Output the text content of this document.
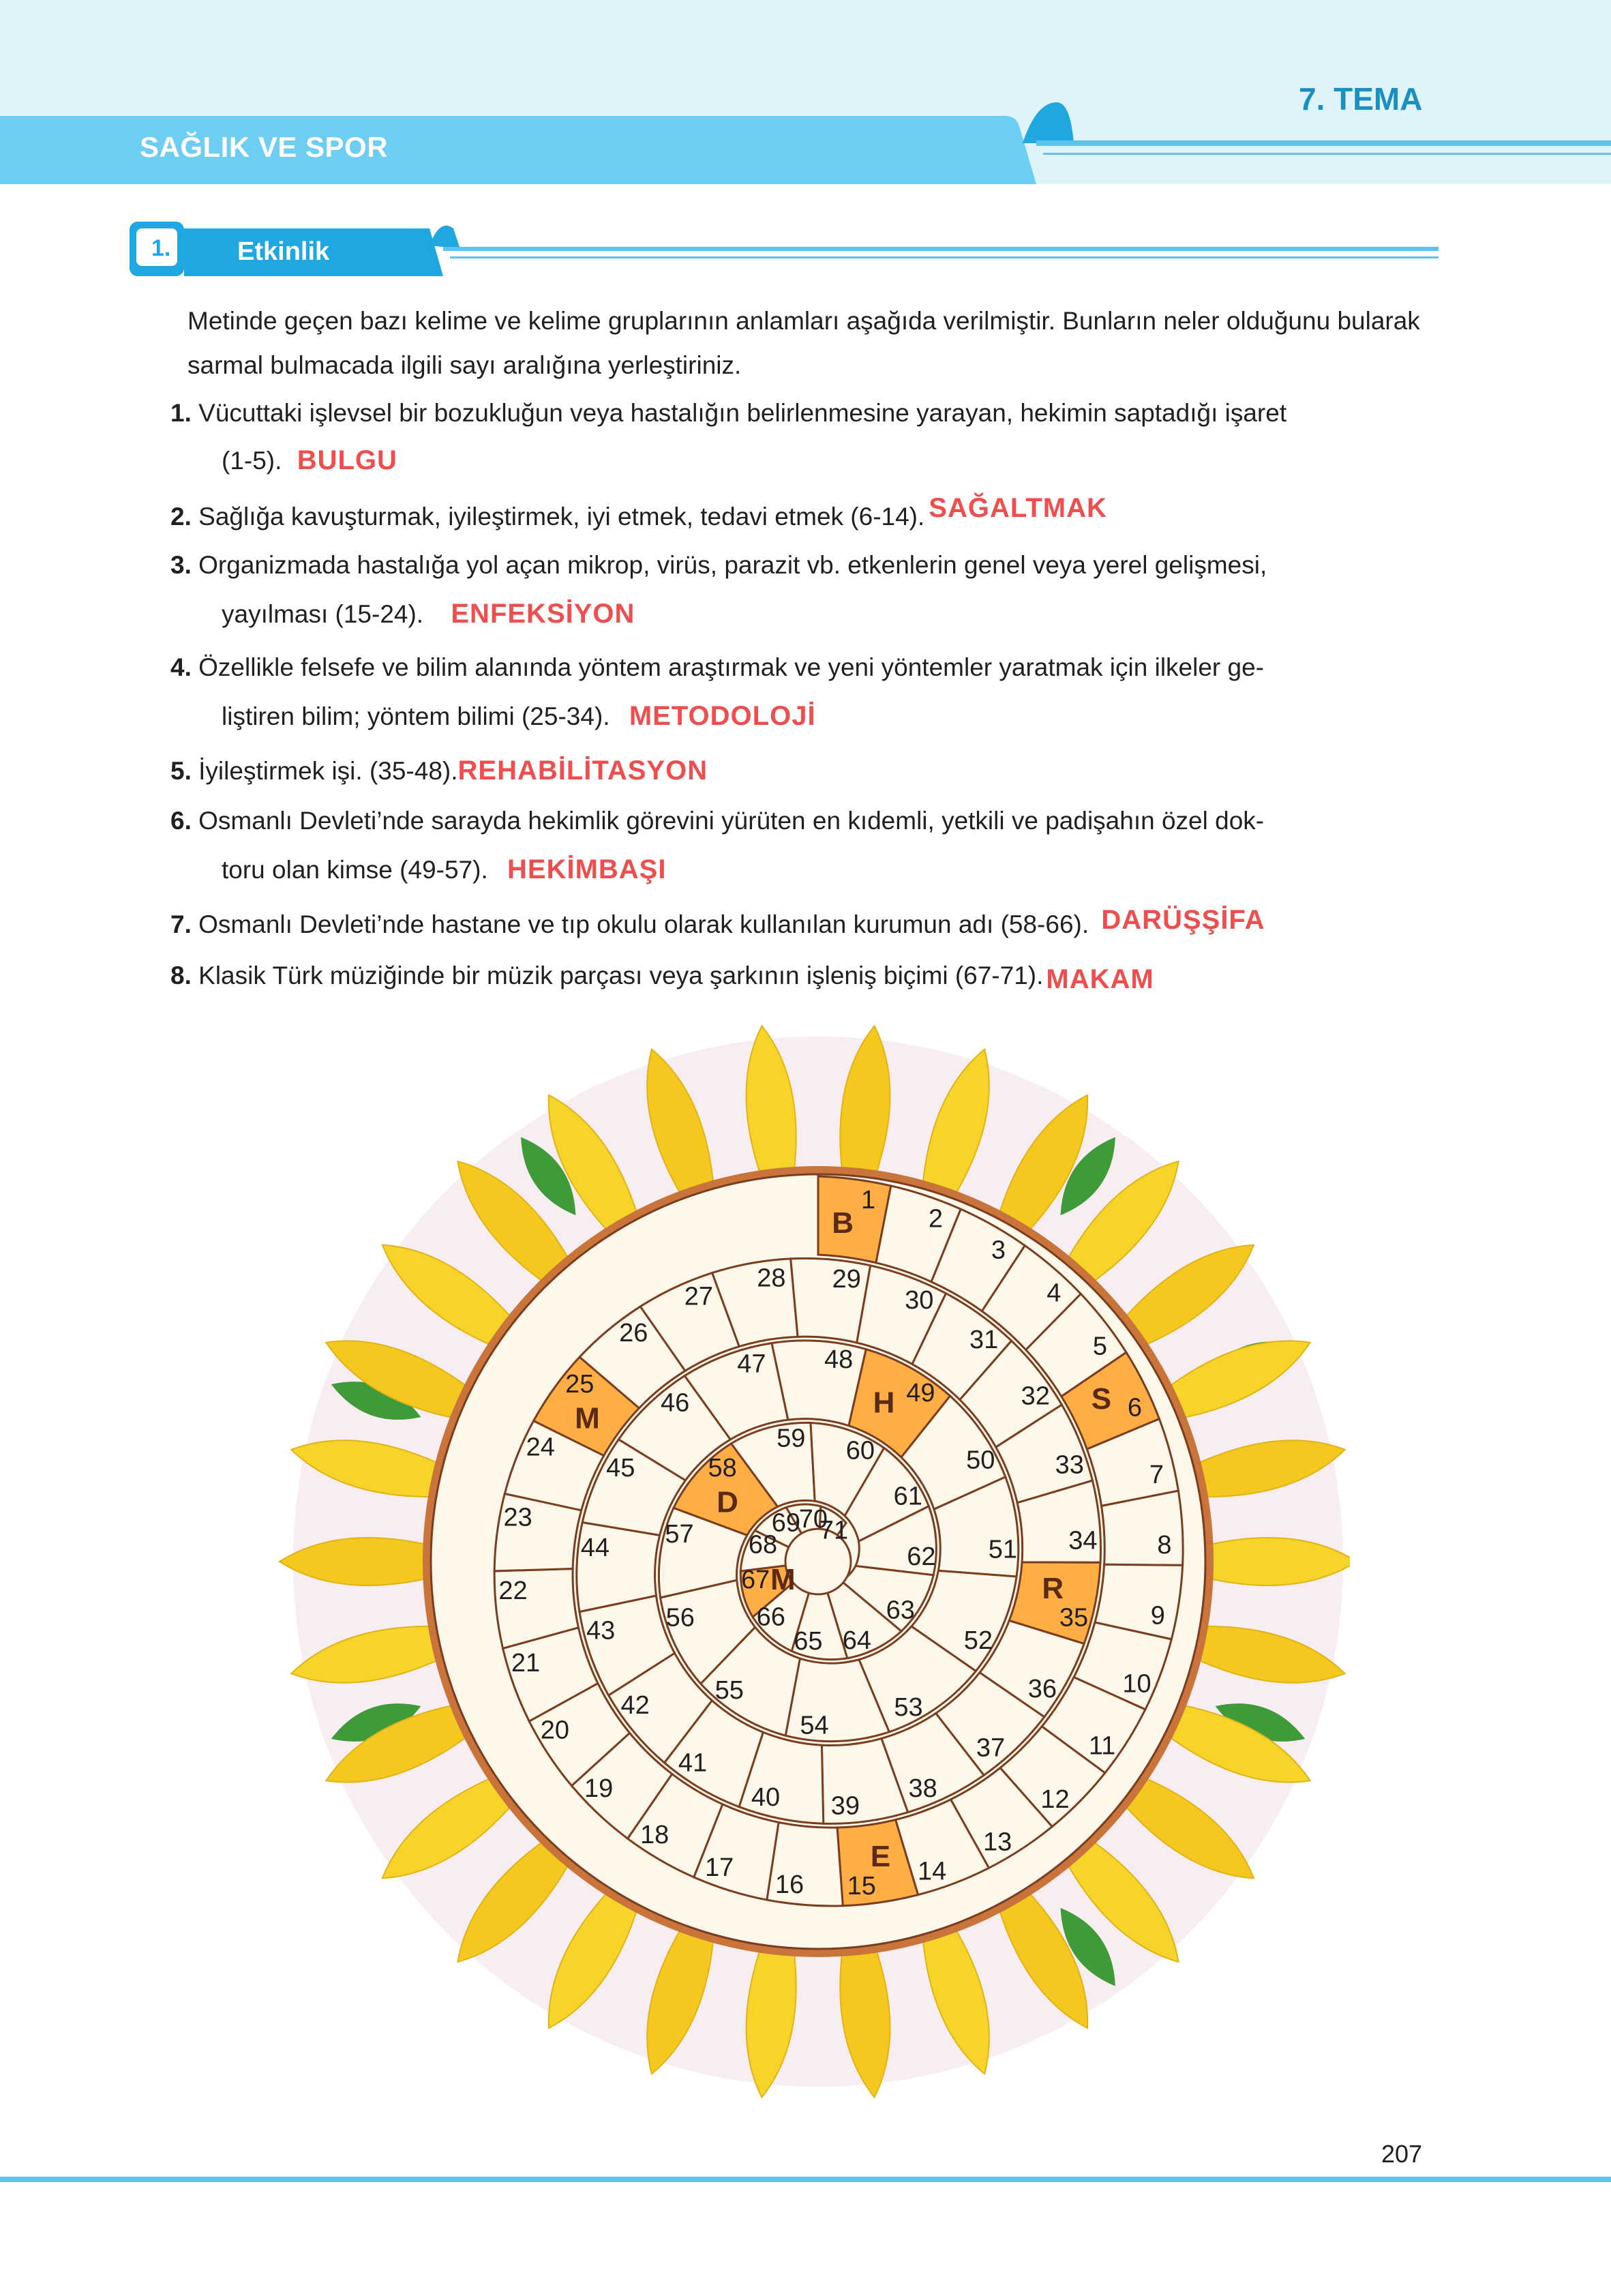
SAĞLIK VE SPOR
7. TEMA
1.	Etkinlik
Metinde geçen bazı kelime ve kelime gruplarının anlamları aşağıda verilmiştir. Bunların neler olduğunu bularak sarmal bulmacada ilgili sayı aralığına yerleştiriniz.
1. Vücuttaki işlevsel bir bozukluğun veya hastalığın belirlenmesine yarayan, hekimin saptadığı işaret
(1-5). BULGU
2. Sağlığa kavuşturmak, iyileştirmek, iyi etmek, tedavi etmek (6-14). SAĞALTMAK
3. Organizmada hastalığa yol açan mikrop, virüs, parazit vb. etkenlerin genel veya yerel gelişmesi,
yayılması (15-24). ENFEKSİYON
4. Özellikle felsefe ve bilim alanında yöntem araştırmak ve yeni yöntemler yaratmak için ilkeler ge-
liştiren bilim; yöntem bilimi (25-34). METODOLOJİ
5. İyileştirmek işi. (35-48).REHABİLİTASYON
6. Osmanlı Devleti’nde sarayda hekimlik görevini yürüten en kıdemli, yetkili ve padişahın özel dok-
toru olan kimse (49-57). HEKİMBAŞI
7. Osmanlı Devleti’nde hastane ve tıp okulu olarak kullanılan kurumun adı (58-66). DARÜŞŞİFA
8. Klasik Türk müziğinde bir müzik parçası veya şarkının işleniş biçimi (67-71). MAKAM
1
B	2
3
4
5
6
S
7
8
9
10
11
12
13
14
15
E
16
17
18
19
20
21
22
23
24
25
M
26
27
28 29
30
31
32
33
34
35
R
36
37
38
39
40
41
42
43
44
45
46
47 48
49
H
50
51
52
53
54
55
56
57
58
D
59 60
61
62
63
64
65
66
67 M
68
69
70
71
207
